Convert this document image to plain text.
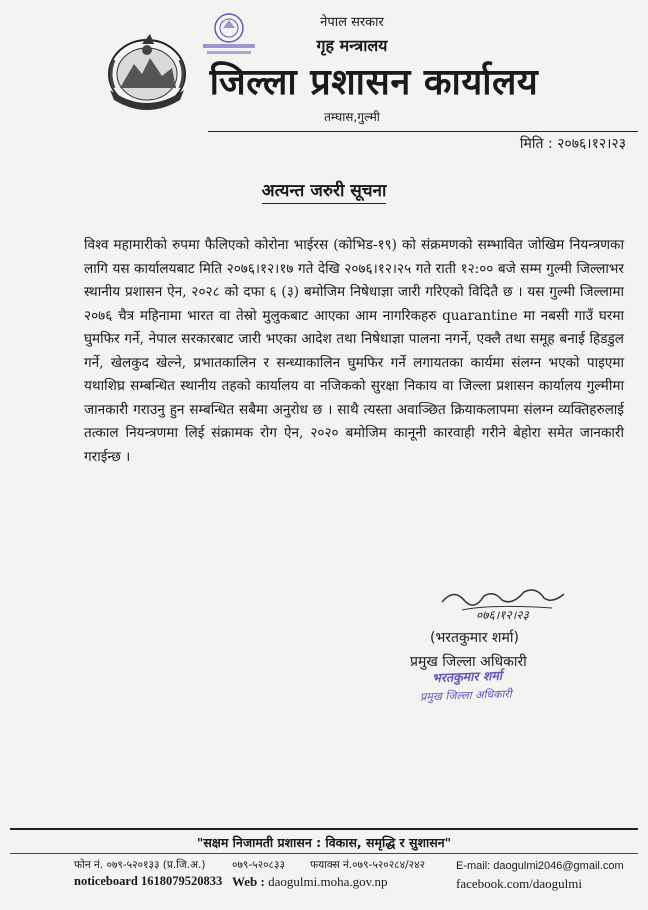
नेपाल सरकार
गृह मन्त्रालय
जिल्ला प्रशासन कार्यालय
तम्घास,गुल्मी
मिति : २०७६।१२।२३
अत्यन्त जरुरी सूचना
विश्व महामारीको रुपमा फैलिएको कोरोना भाईरस (कोभिड-१९) को संक्रमणको सम्भावित जोखिम नियन्त्रणका लागि यस कार्यालयबाट मिति २०७६।१२।१७ गते देखि २०७६।१२।२५ गते राती १२:०० बजे सम्म गुल्मी जिल्लाभर स्थानीय प्रशासन ऐन, २०२८ को दफा ६ (३) बमोजिम निषेधाज्ञा जारी गरिएको विदितै छ । यस गुल्मी जिल्लामा २०७६ चैत्र महिनामा भारत वा तेस्रो मुलुकबाट आएका आम नागरिकहरु quarantine मा नबसी गाउँ घरमा घुमफिर गर्ने, नेपाल सरकारबाट जारी भएका आदेश तथा निषेधाज्ञा पालना नगर्ने, एक्लै तथा समूह बनाई हिडडुल गर्ने, खेलकुद खेल्ने, प्रभातकालिन र सन्ध्याकालिन घुमफिर गर्ने लगायतका कार्यमा संलग्न भएको पाइएमा यथाशिघ्र सम्बन्धित स्थानीय तहको कार्यालय वा नजिकको सुरक्षा निकाय वा जिल्ला प्रशासन कार्यालय गुल्मीमा जानकारी गराउनु हुन सम्बन्धित सबैमा अनुरोध छ । साथै त्यस्ता अवाञ्छित क्रियाकलापमा संलग्न व्यक्तिहरुलाई तत्काल नियन्त्रणमा लिई संक्रामक रोग ऐन, २०२० बमोजिम कानूनी कारवाही गरीने बेहोरा समेत जानकारी गराईन्छ ।
०७६।१२।२३
(भरतकुमार शर्मा)
प्रमुख जिल्ला अधिकारी
भरतकुमार शर्मा
प्रमुख जिल्ला अधिकारी
"सक्षम निजामती प्रशासन : विकास, समृद्धि र सुशासन"
फोन नं. ०७९-५२०१३३ (प्र.जि.अ.)	०७९-५२०८३३ फयाक्स नं.०७९-५२०२८४/२४२	E-mail: daogulmi2046@gmail.com
noticeboard 1618079520833 Web : daogulmi.moha.gov.np	facebook.com/daogulmi
